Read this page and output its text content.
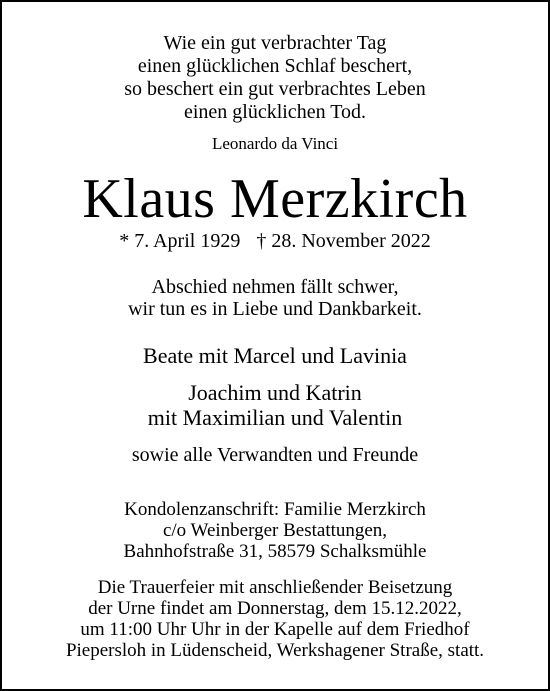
Wie ein gut verbrachter Tag
einen glücklichen Schlaf beschert,
so beschert ein gut verbrachtes Leben
einen glücklichen Tod.
Leonardo da Vinci
Klaus Merzkirch
* 7. April 1929 † 28. November 2022
Abschied nehmen fällt schwer,
wir tun es in Liebe und Dankbarkeit.
Beate mit Marcel und Lavinia
Joachim und Katrin
mit Maximilian und Valentin
sowie alle Verwandten und Freunde
Kondolenzanschrift: Familie Merzkirch
c/o Weinberger Bestattungen,
Bahnhofstraße 31, 58579 Schalksmühle
Die Trauerfeier mit anschließender Beisetzung
der Urne findet am Donnerstag, dem 15.12.2022,
um 11:00 Uhr Uhr in der Kapelle auf dem Friedhof
Piepersloh in Lüdenscheid, Werkshagener Straße, statt.
